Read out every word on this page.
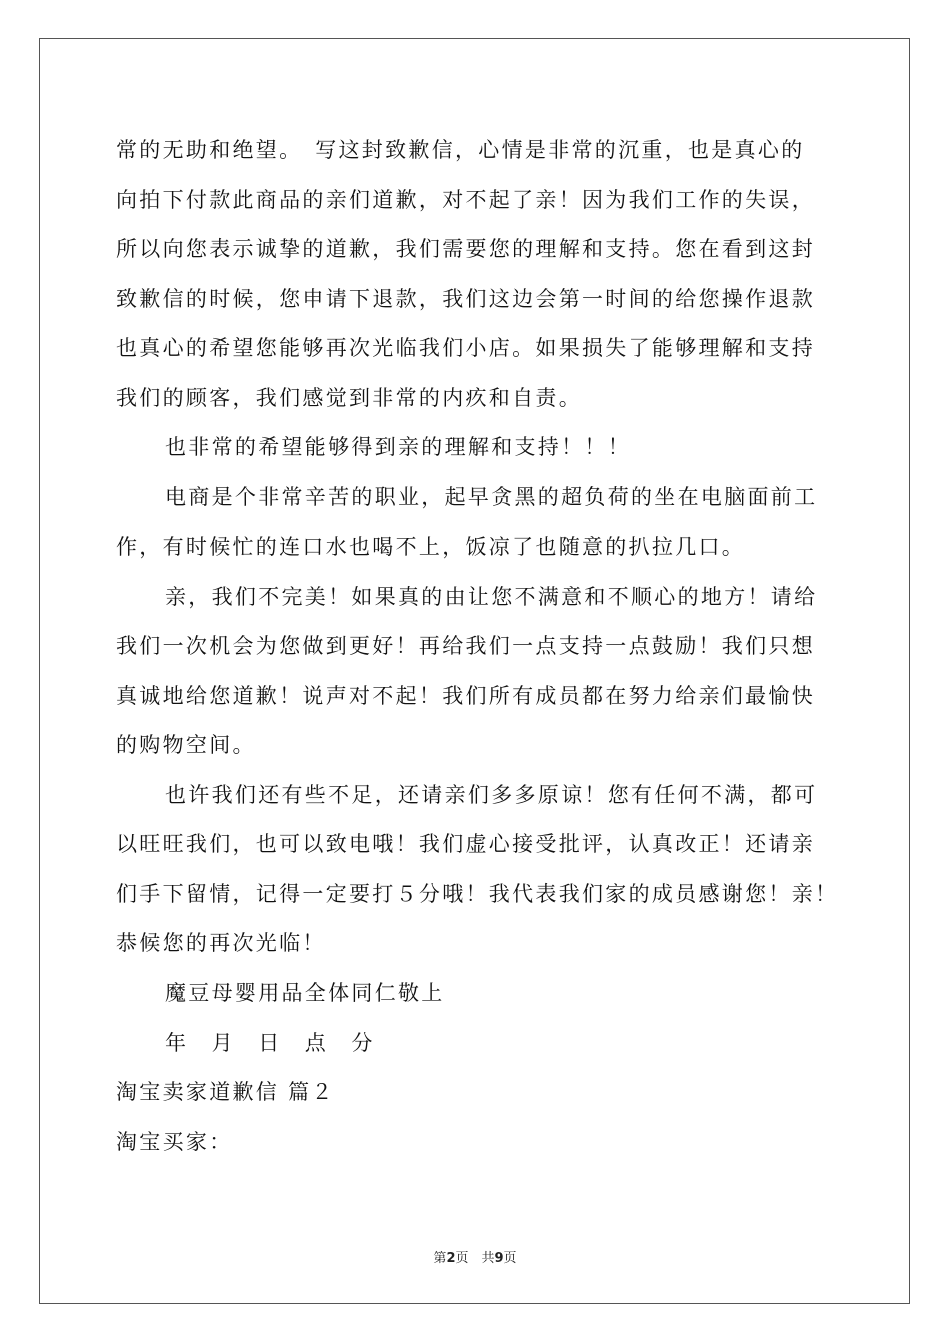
常的无助和绝望。　写这封致歉信，心情是非常的沉重，也是真心的
向拍下付款此商品的亲们道歉，对不起了亲！因为我们工作的失误，
所以向您表示诚挚的道歉，我们需要您的理解和支持。您在看到这封
致歉信的时候，您申请下退款，我们这边会第一时间的给您操作退款
也真心的希望您能够再次光临我们小店。如果损失了能够理解和支持
我们的顾客，我们感觉到非常的内疚和自责。
也非常的希望能够得到亲的理解和支持！！！
电商是个非常辛苦的职业，起早贪黑的超负荷的坐在电脑面前工
作，有时候忙的连口水也喝不上，饭凉了也随意的扒拉几口。
亲，我们不完美！如果真的由让您不满意和不顺心的地方！请给
我们一次机会为您做到更好！再给我们一点支持一点鼓励！我们只想
真诚地给您道歉！说声对不起！我们所有成员都在努力给亲们最愉快
的购物空间。
也许我们还有些不足，还请亲们多多原谅！您有任何不满，都可
以旺旺我们，也可以致电哦！我们虚心接受批评，认真改正！还请亲
们手下留情，记得一定要打５分哦！我代表我们家的成员感谢您！亲！
恭候您的再次光临！
魔豆母婴用品全体同仁敬上
年　月　日　点　分
淘宝卖家道歉信 篇２
淘宝买家：
第2页　共9页
